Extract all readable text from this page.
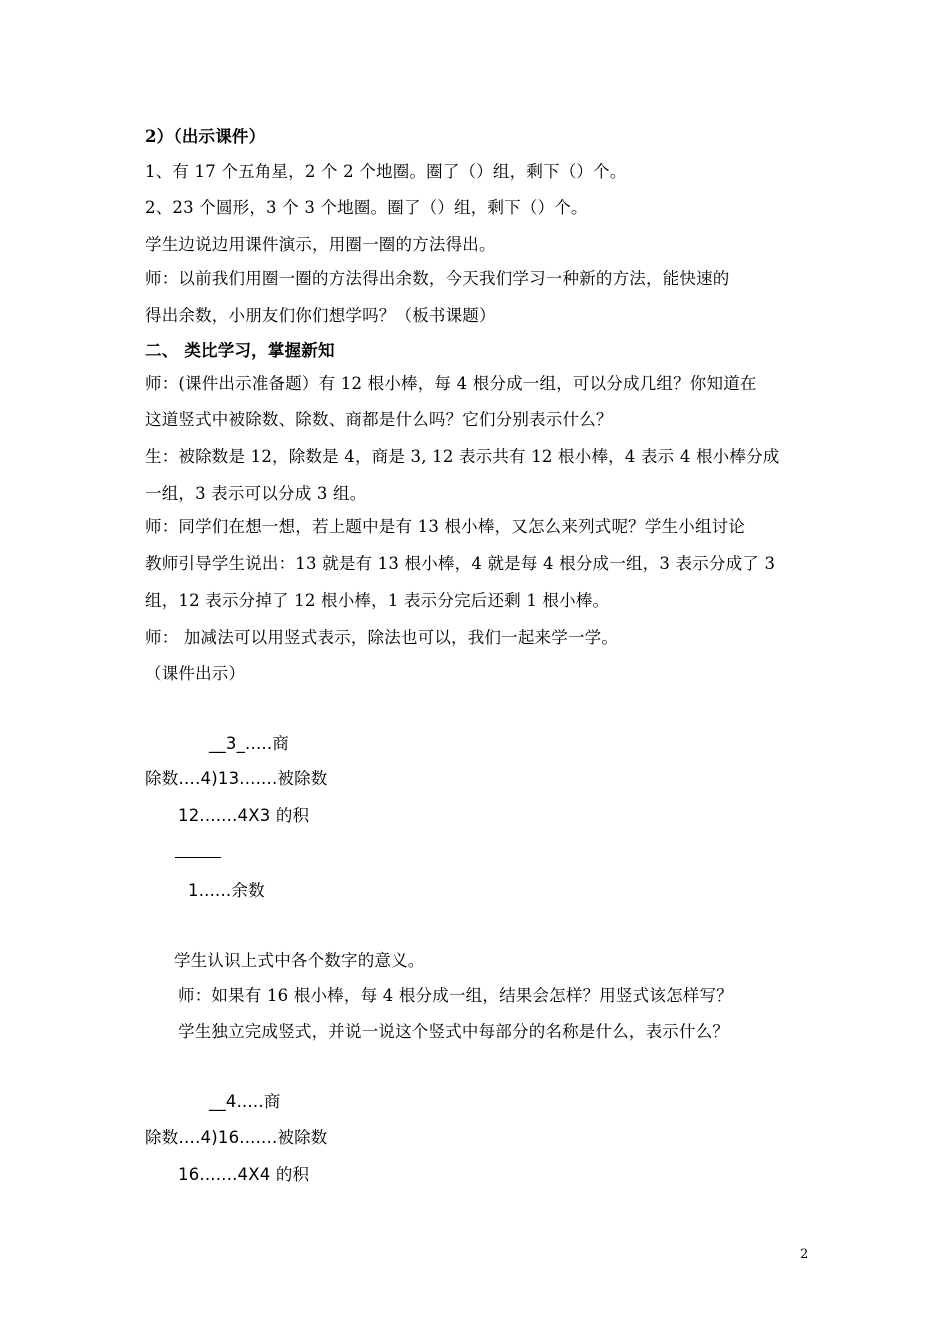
2）（出示课件）
1、有 17 个五角星，2 个 2 个地圈。圈了（）组，剩下（）个。
2、23 个圆形，3 个 3 个地圈。圈了（）组，剩下（）个。
学生边说边用课件演示，用圈一圈的方法得出。
师：以前我们用圈一圈的方法得出余数，今天我们学习一种新的方法，能快速的
得出余数，小朋友们你们想学吗？（板书课题）
二、 类比学习，掌握新知
师：(课件出示准备题）有 12 根小棒，每 4 根分成一组，可以分成几组？你知道在
这道竖式中被除数、除数、商都是什么吗？它们分别表示什么？
生：被除数是 12，除数是 4，商是 3, 12 表示共有 12 根小棒，4 表示 4 根小棒分成
一组，3 表示可以分成 3 组。
师：同学们在想一想，若上题中是有 13 根小棒，又怎么来列式呢？学生小组讨论
教师引导学生说出：13 就是有 13 根小棒，4 就是每 4 根分成一组，3 表示分成了 3
组，12 表示分掉了 12 根小棒，1 表示分完后还剩 1 根小棒。
师： 加减法可以用竖式表示，除法也可以，我们一起来学一学。
（课件出示）
__3_.....商
除数….4)13.......被除数
12.......4X3 的积
1......余数
学生认识上式中各个数字的意义。
师：如果有 16 根小棒，每 4 根分成一组，结果会怎样？用竖式该怎样写？
学生独立完成竖式，并说一说这个竖式中每部分的名称是什么，表示什么？
__4.....商
除数….4)16.......被除数
16.......4X4 的积
2
